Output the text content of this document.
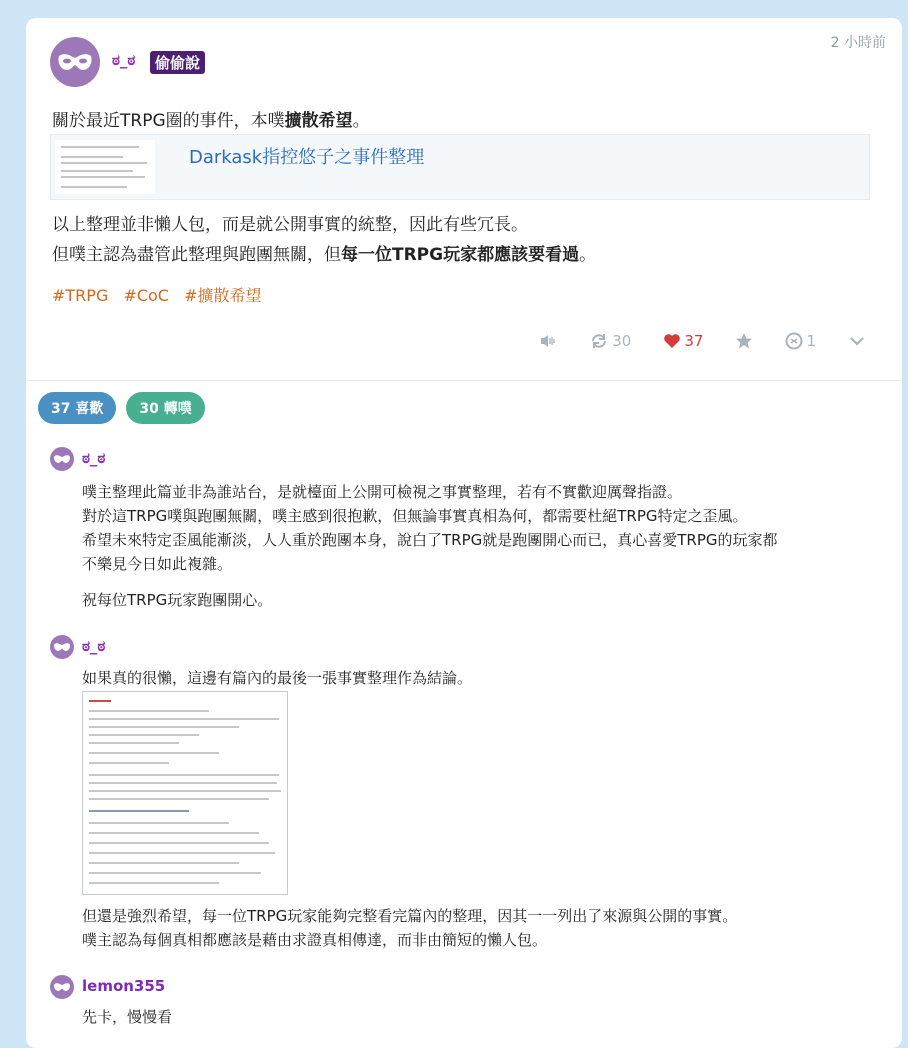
ಠ_ಠ	偷偷說
2 小時前
關於最近TRPG圈的事件，本噗擴散希望。
Darkask指控悠子之事件整理
以上整理並非懶人包，而是就公開事實的統整，因此有些冗長。
但噗主認為盡管此整理與跑團無關，但每一位TRPG玩家都應該要看過。
#TRPG #CoC #擴散希望
30	37	1
37 喜歡	30 轉噗
ಠ_ಠ
噗主整理此篇並非為誰站台，是就檯面上公開可檢視之事實整理，若有不實歡迎厲聲指證。
對於這TRPG噗與跑團無關，噗主感到很抱歉，但無論事實真相為何，都需要杜絕TRPG特定之歪風。
希望未來特定歪風能漸淡，人人重於跑團本身，說白了TRPG就是跑團開心而已，真心喜愛TRPG的玩家都
不樂見今日如此複雜。
祝每位TRPG玩家跑團開心。
ಠ_ಠ
如果真的很懶，這邊有篇內的最後一張事實整理作為結論。
但還是強烈希望，每一位TRPG玩家能夠完整看完篇內的整理，因其一一列出了來源與公開的事實。
噗主認為每個真相都應該是藉由求證真相傳達，而非由簡短的懶人包。
lemon355
先卡，慢慢看
